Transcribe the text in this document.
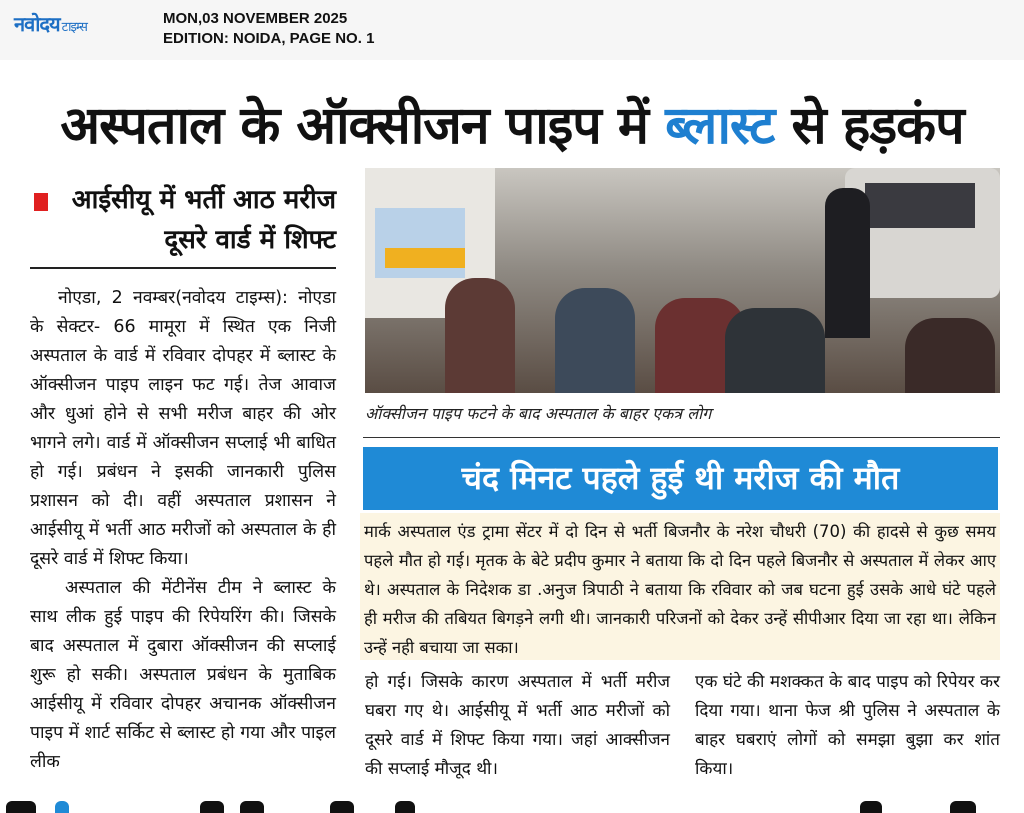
नवोदय टाइम्स
MON,03 NOVEMBER 2025
EDITION: NOIDA, PAGE NO. 1
अस्पताल के ऑक्सीजन पाइप में ब्लास्ट से हड़कंप
आईसीयू में भर्ती आठ मरीज दूसरे वार्ड में शिफ्ट

नोएडा, 2 नवम्बर(नवोदय टाइम्स): नोएडा के सेक्टर- 66 मामूरा में स्थित एक निजी अस्पताल के वार्ड में रविवार दोपहर में ब्लास्ट के ऑक्सीजन पाइप लाइन फट गई। तेज आवाज और धुआं होने से सभी मरीज बाहर की ओर भागने लगे। वार्ड में ऑक्सीजन सप्लाई भी बाधित हो गई। प्रबंधन ने इसकी जानकारी पुलिस प्रशासन को दी। वहीं अस्पताल प्रशासन ने आईसीयू में भर्ती आठ मरीजों को अस्पताल के ही दूसरे वार्ड में शिफ्ट किया।

अस्पताल की मेंटीनेंस टीम ने ब्लास्ट के साथ लीक हुई पाइप की रिपेयरिंग की। जिसके बाद अस्पताल में दुबारा ऑक्सीजन की सप्लाई शुरू हो सकी। अस्पताल प्रबंधन के मुताबिक आईसीयू में रविवार दोपहर अचानक ऑक्सीजन पाइप में शार्ट सर्किट से ब्लास्ट हो गया और पाइल लीक

ऑक्सीजन पाइप फटने के बाद अस्पताल के बाहर एकत्र लोग
चंद मिनट पहले हुई थी मरीज की मौत
मार्क अस्पताल एंड ट्रामा सेंटर में दो दिन से भर्ती बिजनौर के नरेश चौधरी (70) की हादसे से कुछ समय पहले मौत हो गई। मृतक के बेटे प्रदीप कुमार ने बताया कि दो दिन पहले बिजनौर से अस्पताल में लेकर आए थे। अस्पताल के निदेशक डा .अनुज त्रिपाठी ने बताया कि रविवार को जब घटना हुई उसके आधे घंटे पहले ही मरीज की तबियत बिगड़ने लगी थी। जानकारी परिजनों को देकर उन्हें सीपीआर दिया जा रहा था। लेकिन उन्हें नही बचाया जा सका।
हो गई। जिसके कारण अस्पताल में भर्ती मरीज घबरा गए थे। आईसीयू में भर्ती आठ मरीजों को दूसरे वार्ड में शिफ्ट किया गया। जहां आक्सीजन की सप्लाई मौजूद थी।
एक घंटे की मशक्कत के बाद पाइप को रिपेयर कर दिया गया। थाना फेज श्री पुलिस ने अस्पताल के बाहर घबराएं लोगों को समझा बुझा कर शांत किया।
